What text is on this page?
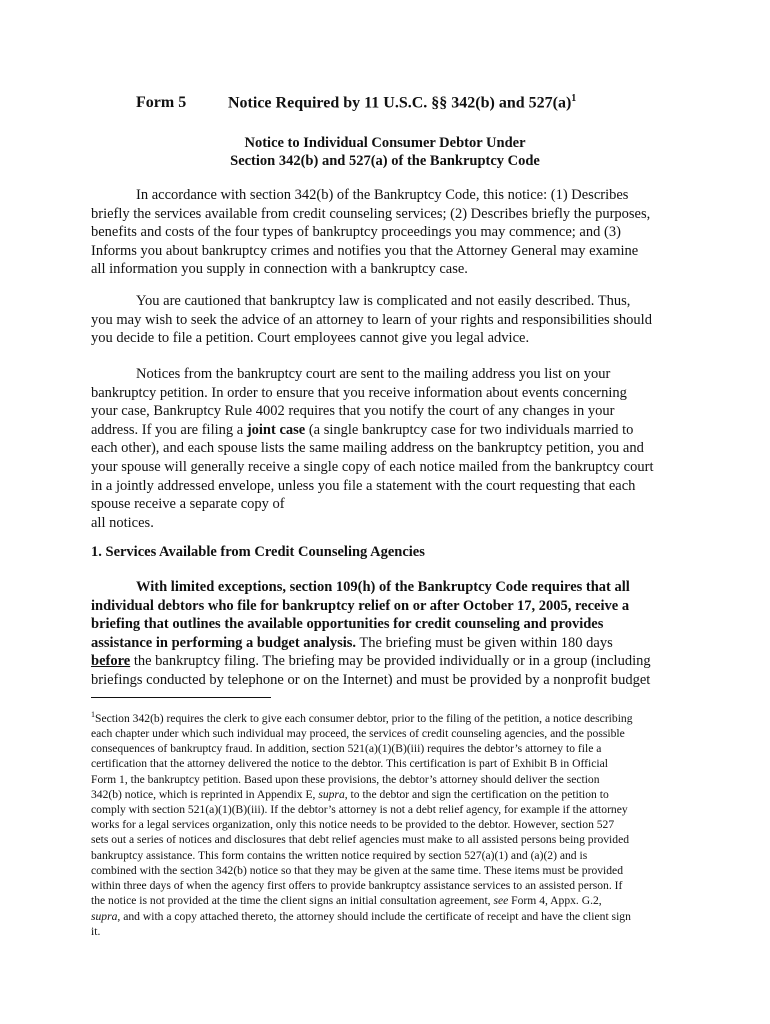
Form 5	Notice Required by 11 U.S.C. §§ 342(b) and $527(a)^1$
Notice to Individual Consumer Debtor Under
Section 342(b) and 527(a) of the Bankruptcy Code
In accordance with section 342(b) of the Bankruptcy Code, this notice: (1) Describes
briefly the services available from credit counseling services; (2) Describes briefly the purposes,
benefits and costs of the four types of bankruptcy proceedings you may commence; and (3)
Informs you about bankruptcy crimes and notifies you that the Attorney General may examine
all information you supply in connection with a bankruptcy case.
You are cautioned that bankruptcy law is complicated and not easily described. Thus,
you may wish to seek the advice of an attorney to learn of your rights and responsibilities should
you decide to file a petition. Court employees cannot give you legal advice.
Notices from the bankruptcy court are sent to the mailing address you list on your
bankruptcy petition. In order to ensure that you receive information about events concerning
your case, Bankruptcy Rule 4002 requires that you notify the court of any changes in your
address. If you are filing a joint case (a single bankruptcy case for two individuals married to
each other), and each spouse lists the same mailing address on the bankruptcy petition, you and
your spouse will generally receive a single copy of each notice mailed from the bankruptcy court
in a jointly addressed envelope, unless you file a statement with the court requesting that each
spouse receive a separate copy of
all notices.
1. Services Available from Credit Counseling Agencies
With limited exceptions, section 109(h) of the Bankruptcy Code requires that all
individual debtors who file for bankruptcy relief on or after October 17, 2005, receive a
briefing that outlines the available opportunities for credit counseling and provides
assistance in performing a budget analysis. The briefing must be given within 180 days
before the bankruptcy filing. The briefing may be provided individually or in a group (including
briefings conducted by telephone or on the Internet) and must be provided by a nonprofit budget
$^1$Section 342(b) requires the clerk to give each consumer debtor, prior to the filing of the petition, a notice describing
each chapter under which such individual may proceed, the services of credit counseling agencies, and the possible
consequences of bankruptcy fraud. In addition, section 521(a)(1)(B)(iii) requires the debtor’s attorney to file a
certification that the attorney delivered the notice to the debtor. This certification is part of Exhibit B in Official
Form 1, the bankruptcy petition. Based upon these provisions, the debtor’s attorney should deliver the section
342(b) notice, which is reprinted in Appendix E, supra, to the debtor and sign the certification on the petition to
comply with section 521(a)(1)(B)(iii). If the debtor’s attorney is not a debt relief agency, for example if the attorney
works for a legal services organization, only this notice needs to be provided to the debtor. However, section 527
sets out a series of notices and disclosures that debt relief agencies must make to all assisted persons being provided
bankruptcy assistance. This form contains the written notice required by section 527(a)(1) and (a)(2) and is
combined with the section 342(b) notice so that they may be given at the same time. These items must be provided
within three days of when the agency first offers to provide bankruptcy assistance services to an assisted person. If
the notice is not provided at the time the client signs an initial consultation agreement, see Form 4, Appx. G.2,
supra, and with a copy attached thereto, the attorney should include the certificate of receipt and have the client sign
it.
